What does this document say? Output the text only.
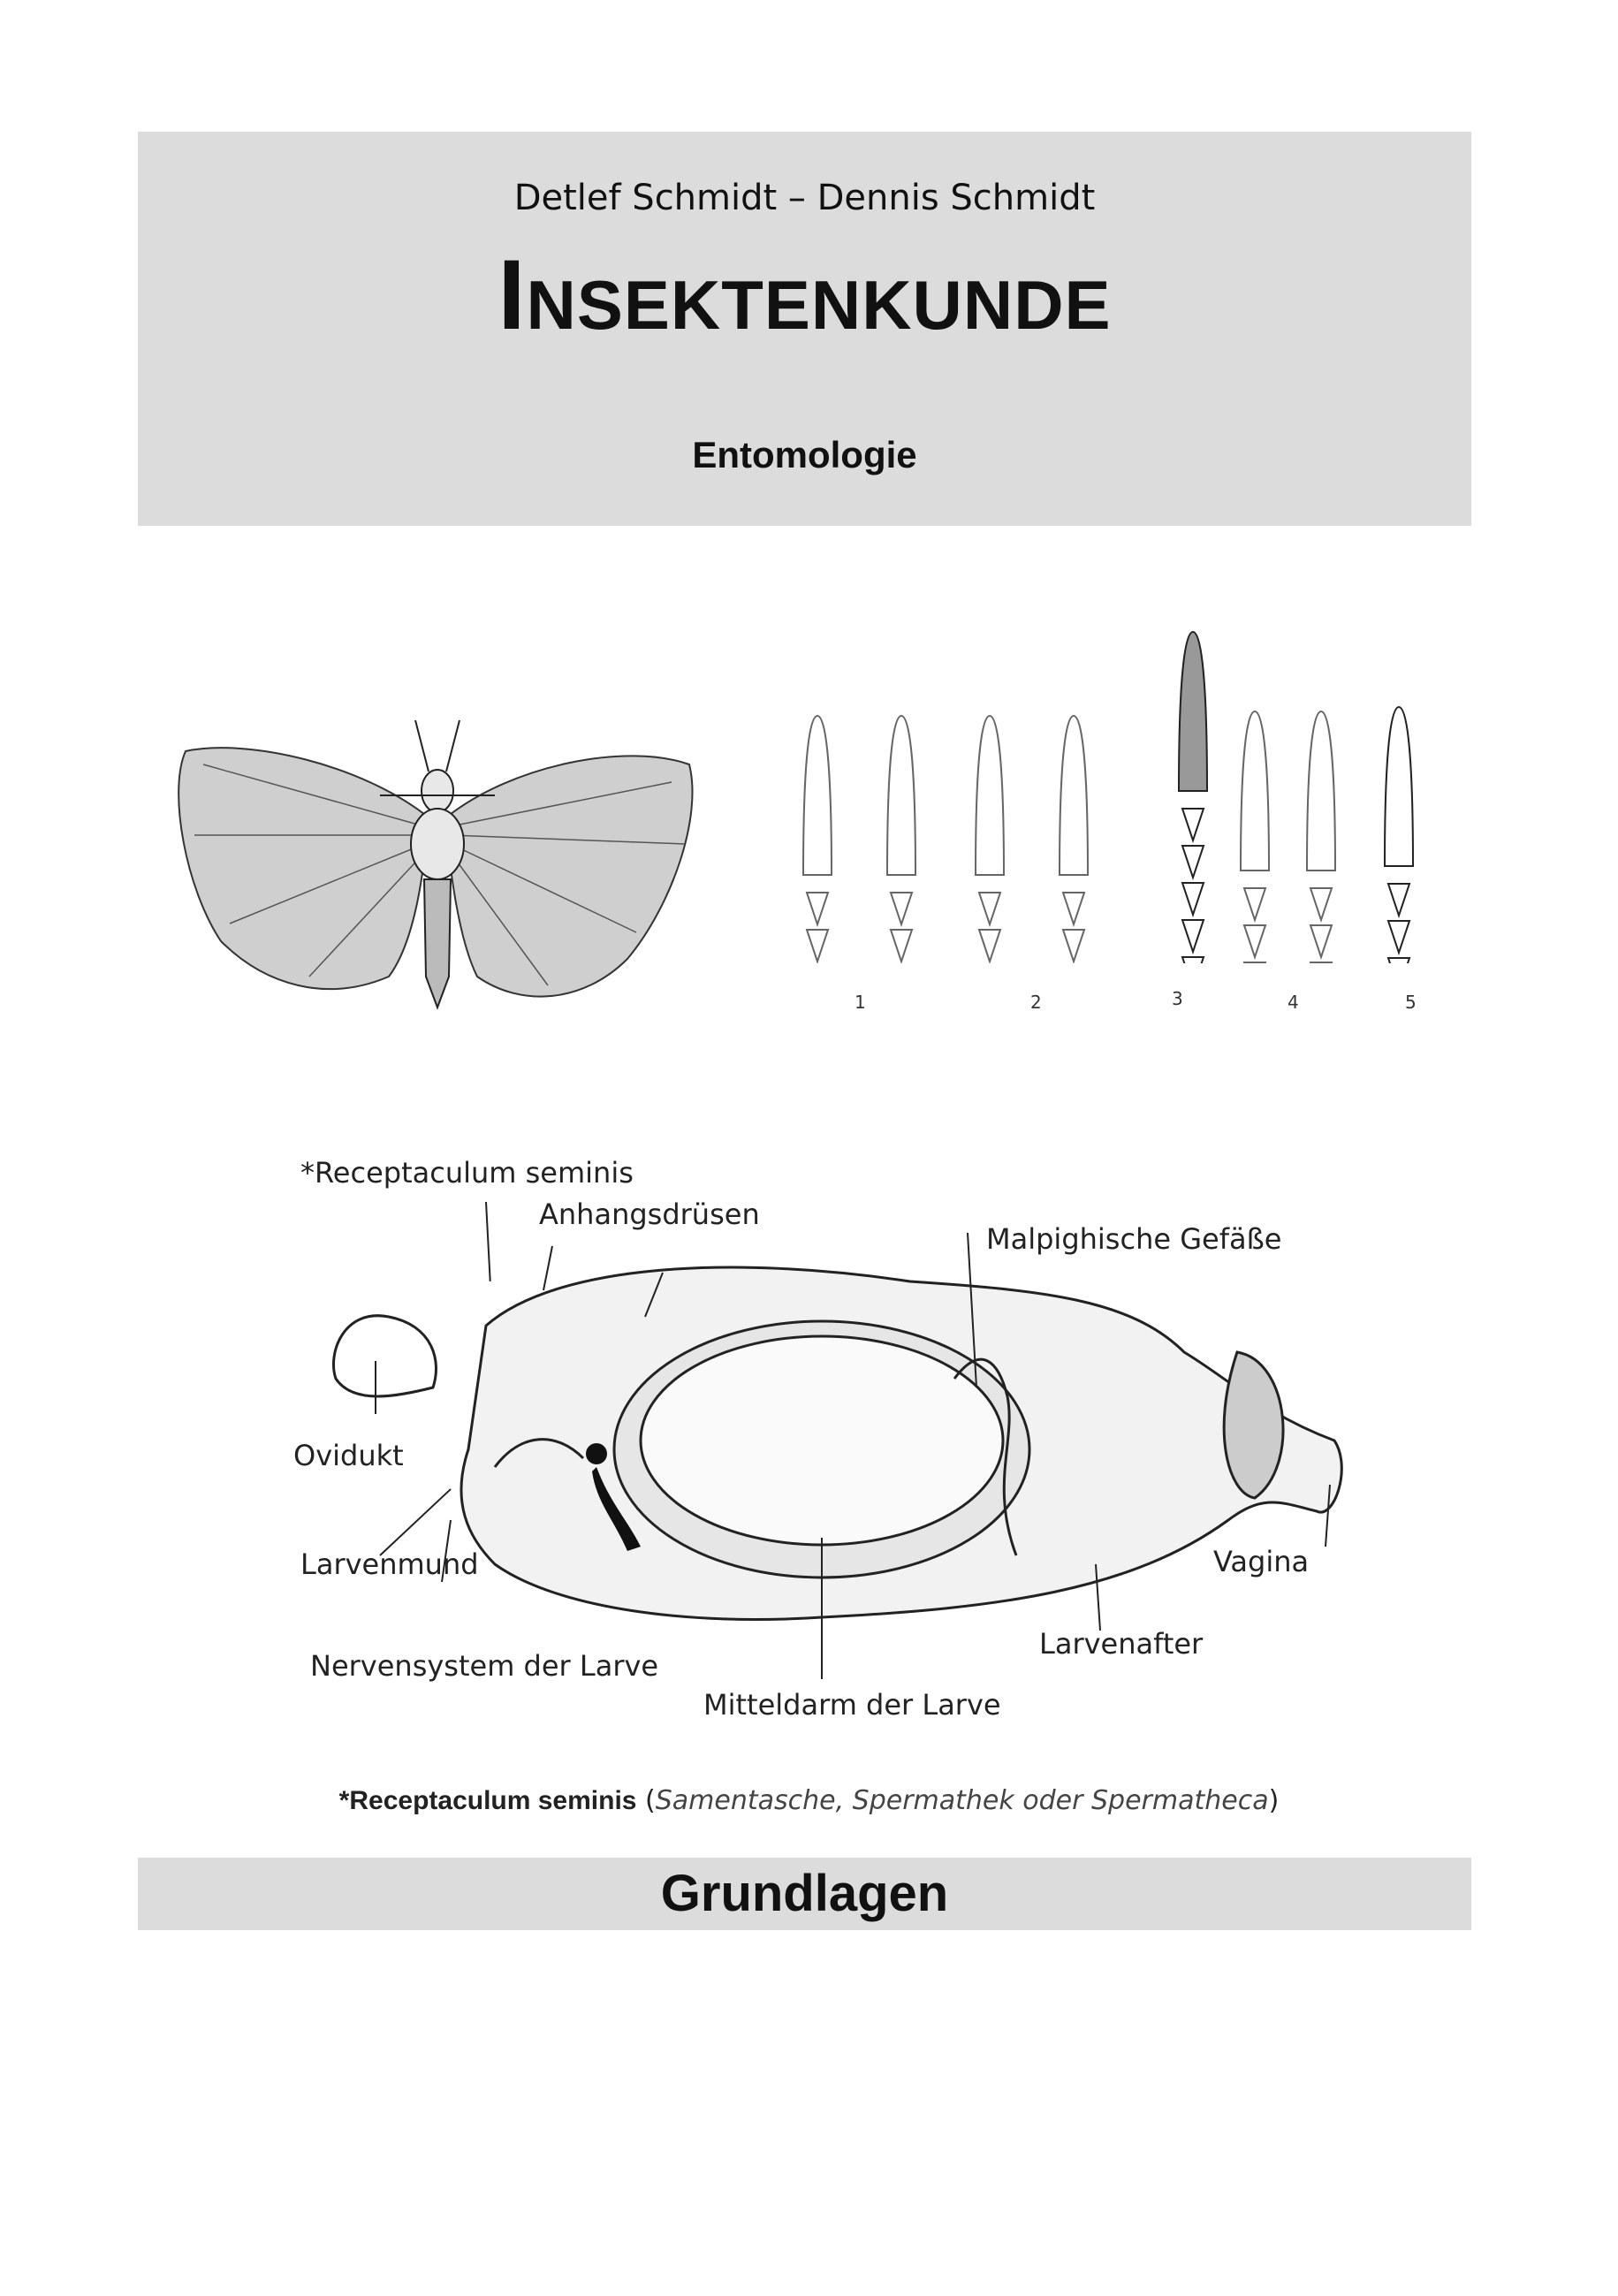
Detlef Schmidt – Dennis Schmidt
Insektenkunde
Entomologie
1	2	3	4	5
*Receptaculum seminis
Anhangsdrüsen
Malpighische Gefäße
Ovidukt
Larvenmund	Vagina
Larvenafter
Nervensystem der Larve
Mitteldarm der Larve
*Receptaculum seminis (Samentasche, Spermathek oder Spermatheca)
Grundlagen
